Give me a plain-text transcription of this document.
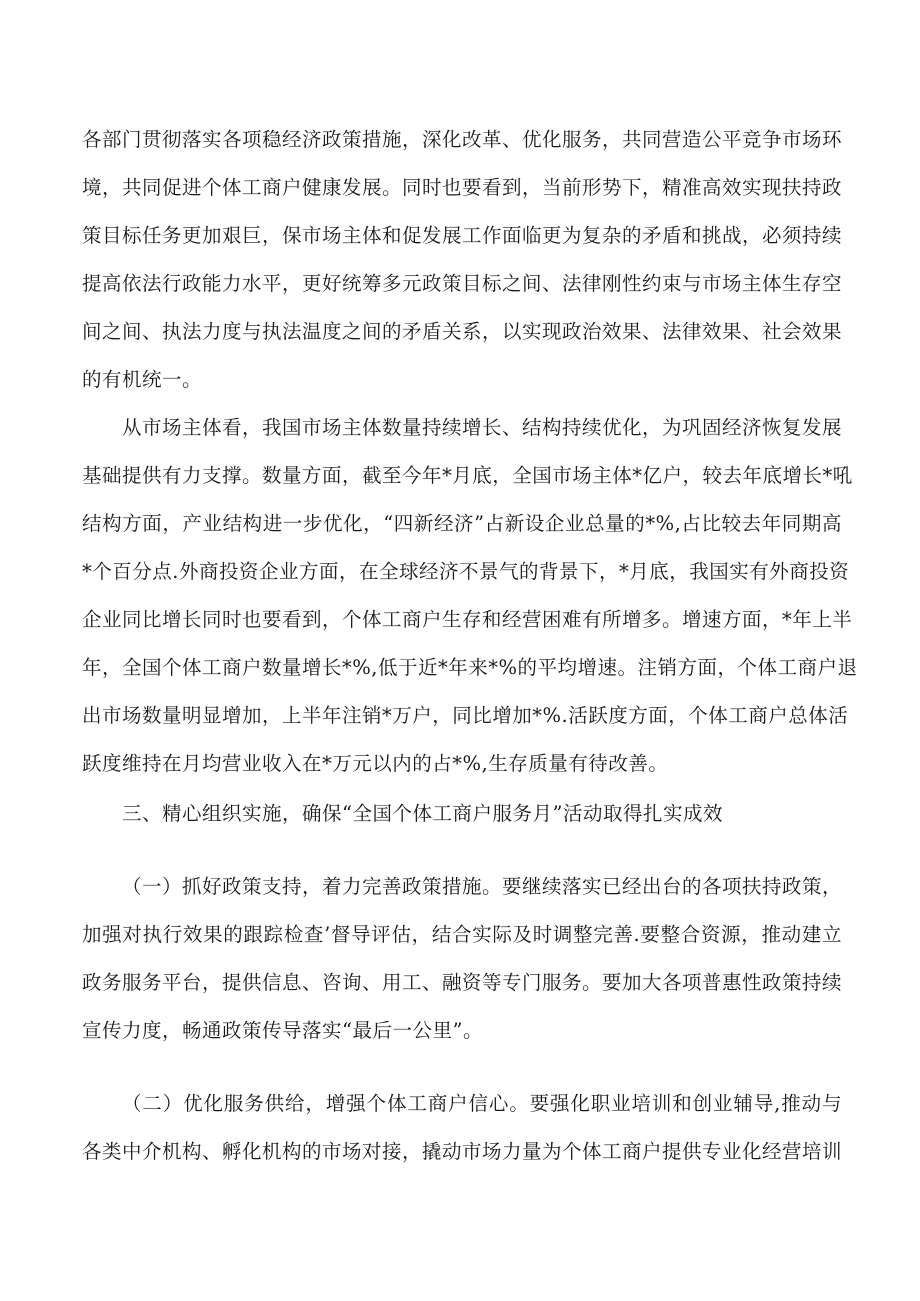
各部门贯彻落实各项稳经济政策措施，深化改革、优化服务，共同营造公平竞争市场环
境，共同促进个体工商户健康发展。同时也要看到，当前形势下，精准高效实现扶持政
策目标任务更加艰巨，保市场主体和促发展工作面临更为复杂的矛盾和挑战，必须持续
提高依法行政能力水平，更好统筹多元政策目标之间、法律刚性约束与市场主体生存空
间之间、执法力度与执法温度之间的矛盾关系，以实现政治效果、法律效果、社会效果
的有机统一。
从市场主体看，我国市场主体数量持续增长、结构持续优化，为巩固经济恢复发展
基础提供有力支撑。数量方面，截至今年*月底，全国市场主体*亿户，较去年底增长*吼
结构方面，产业结构进一步优化，“四新经济”占新设企业总量的*%,占比较去年同期高
*个百分点.外商投资企业方面，在全球经济不景气的背景下，*月底，我国实有外商投资
企业同比增长同时也要看到，个体工商户生存和经营困难有所增多。增速方面，*年上半
年，全国个体工商户数量增长*%,低于近*年来*%的平均增速。注销方面，个体工商户退
出市场数量明显增加，上半年注销*万户，同比增加*%.活跃度方面，个体工商户总体活
跃度维持在月均营业收入在*万元以内的占*%,生存质量有待改善。
三、精心组织实施，确保“全国个体工商户服务月”活动取得扎实成效
（一）抓好政策支持，着力完善政策措施。要继续落实已经出台的各项扶持政策，
加强对执行效果的跟踪检查’督导评估，结合实际及时调整完善.要整合资源，推动建立
政务服务平台，提供信息、咨询、用工、融资等专门服务。要加大各项普惠性政策持续
宣传力度，畅通政策传导落实“最后一公里”。
（二）优化服务供给，增强个体工商户信心。要强化职业培训和创业辅导,推动与
各类中介机构、孵化机构的市场对接，撬动市场力量为个体工商户提供专业化经营培训
